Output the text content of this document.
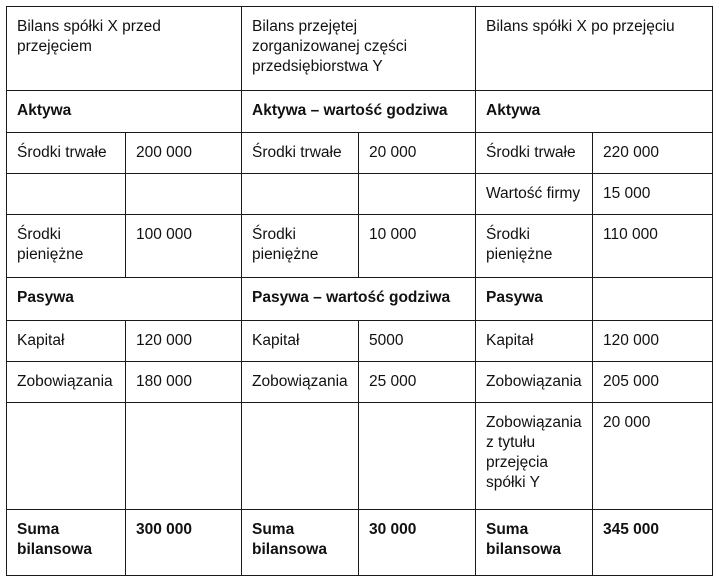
Bilans spółki X przed przejęciem		Bilans przejętej zorganizowanej części przedsiębiorstwa Y		Bilans spółki X po przejęciu	
Aktywa		Aktywa – wartość godziwa		Aktywa	
Środki trwałe	200 000	Środki trwałe	20 000	Środki trwałe	220 000
				Wartość firmy	15 000
Środki pieniężne	100 000	Środki pieniężne	10 000	Środki pieniężne	110 000
Pasywa		Pasywa – wartość godziwa		Pasywa	
Kapitał	120 000	Kapitał	5000	Kapitał	120 000
Zobowiązania	180 000	Zobowiązania	25 000	Zobowiązania	205 000
				Zobowiązania z tytułu przejęcia spółki Y	20 000
Suma bilansowa	300 000	Suma bilansowa	30 000	Suma bilansowa	345 000
